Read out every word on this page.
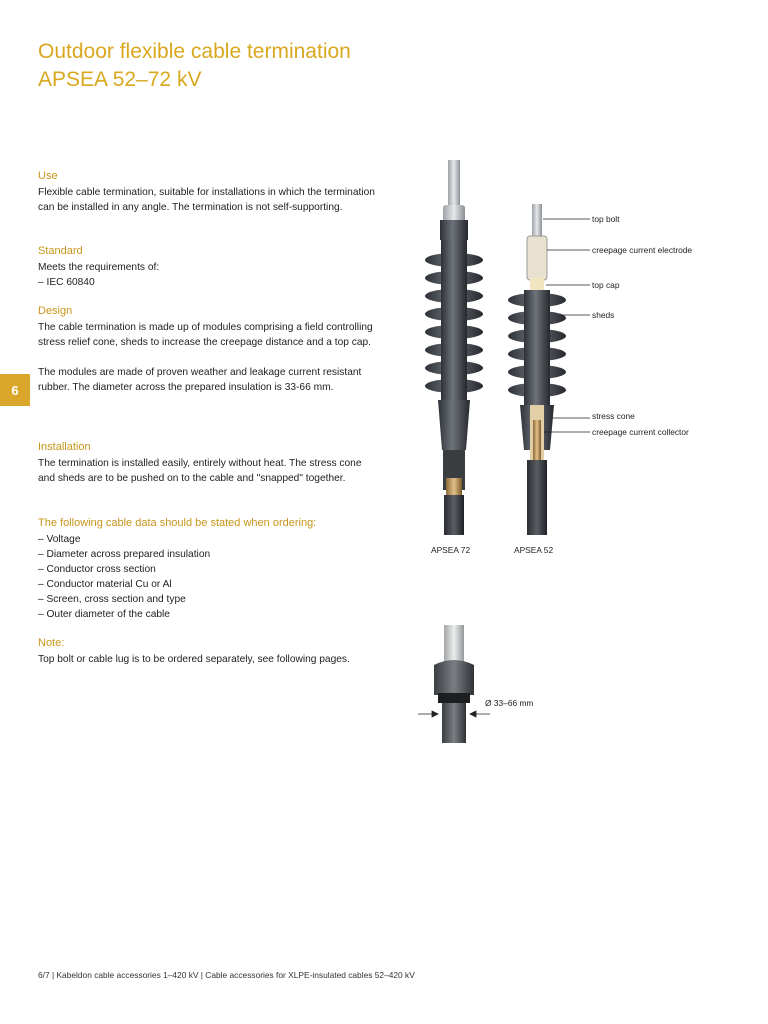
Outdoor flexible cable termination
APSEA 52–72 kV
6

Use

Flexible cable termination, suitable for installations in which the termination can be installed in any angle. The termination is not self-supporting.

Standard

Meets the requirements of:

– IEC 60840

Design

The cable termination is made up of modules comprising a field controlling stress relief cone, sheds to increase the creepage distance and a top cap.

The modules are made of proven weather and leakage current resistant rubber. The diameter across the prepared insulation is 33-66 mm.

Installation

The termination is installed easily, entirely without heat. The stress cone and sheds are to be pushed on to the cable and "snapped" together.

The following cable data should be stated when ordering:

– Voltage
– Diameter across prepared insulation
– Conductor cross section
– Conductor material Cu or Al
– Screen, cross section and type
– Outer diameter of the cable

Note:

Top bolt or cable lug is to be ordered separately, see following pages.

top bolt
creepage current electrode
top cap
sheds
stress cone
creepage current collector
APSEA 72	APSEA 52
Ø 33–66 mm
6/7 | Kabeldon cable accessories 1–420 kV | Cable accessories for XLPE-insulated cables 52–420 kV
